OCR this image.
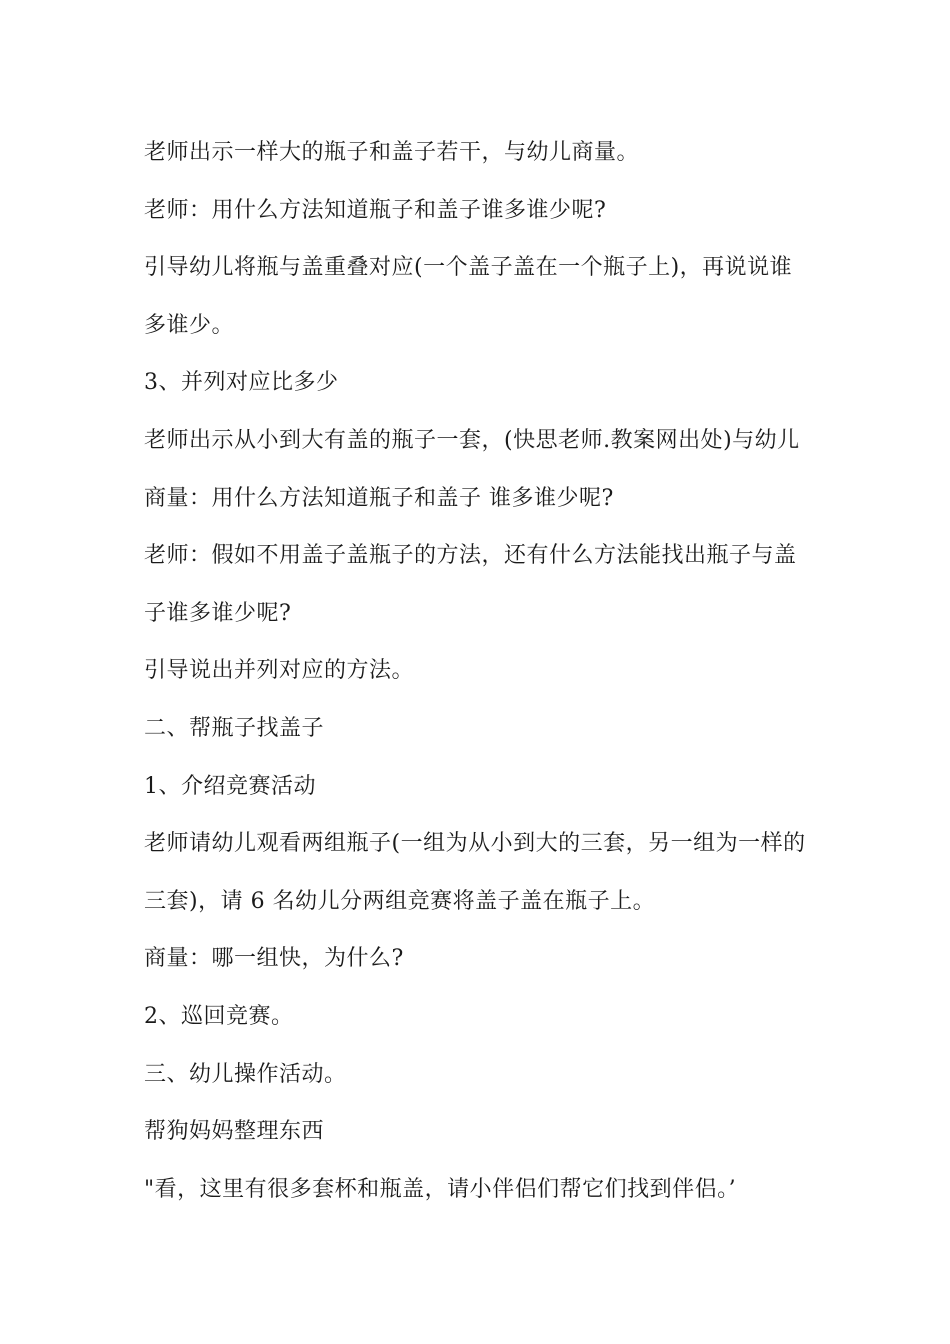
老师出示一样大的瓶子和盖子若干，与幼儿商量。
老师：用什么方法知道瓶子和盖子谁多谁少呢?
引导幼儿将瓶与盖重叠对应(一个盖子盖在一个瓶子上)，再说说谁
多谁少。
3、并列对应比多少
老师出示从小到大有盖的瓶子一套，(快思老师.教案网出处)与幼儿
商量：用什么方法知道瓶子和盖子 谁多谁少呢?
老师：假如不用盖子盖瓶子的方法，还有什么方法能找出瓶子与盖
子谁多谁少呢?
引导说出并列对应的方法。
二、帮瓶子找盖子
1、介绍竞赛活动
老师请幼儿观看两组瓶子(一组为从小到大的三套，另一组为一样的
三套)，请 6 名幼儿分两组竞赛将盖子盖在瓶子上。
商量：哪一组快，为什么?
2、巡回竞赛。
三、幼儿操作活动。
帮狗妈妈整理东西
"看，这里有很多套杯和瓶盖，请小伴侣们帮它们找到伴侣。’
